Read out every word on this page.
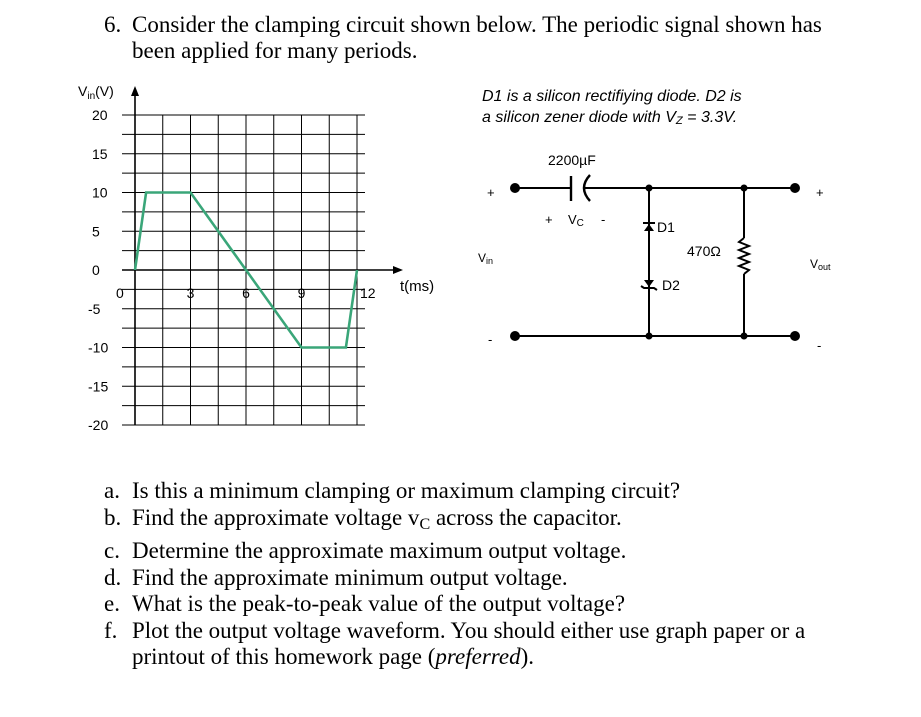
6. Consider the clamping circuit shown below. The periodic signal shown has
been applied for many periods.
20
15
10
5
0
-5
-10
-15
-20
0	3	6	9	12
$V_{in}(V)$
t(ms)
D1 is a silicon rectifiying diode. D2 is
a silicon zener diode with VZ = 3.3V.
2200µF
+ VC -	D1
D2
470Ω
Vin	Vout
+
-
+
-
a. Is this a minimum clamping or maximum clamping circuit?
b. Find the approximate voltage $v_C$ across the capacitor.
c. Determine the approximate maximum output voltage.
d. Find the approximate minimum output voltage.
e. What is the peak-to-peak value of the output voltage?
f. Plot the output voltage waveform. You should either use graph paper or a
printout of this homework page (preferred).
